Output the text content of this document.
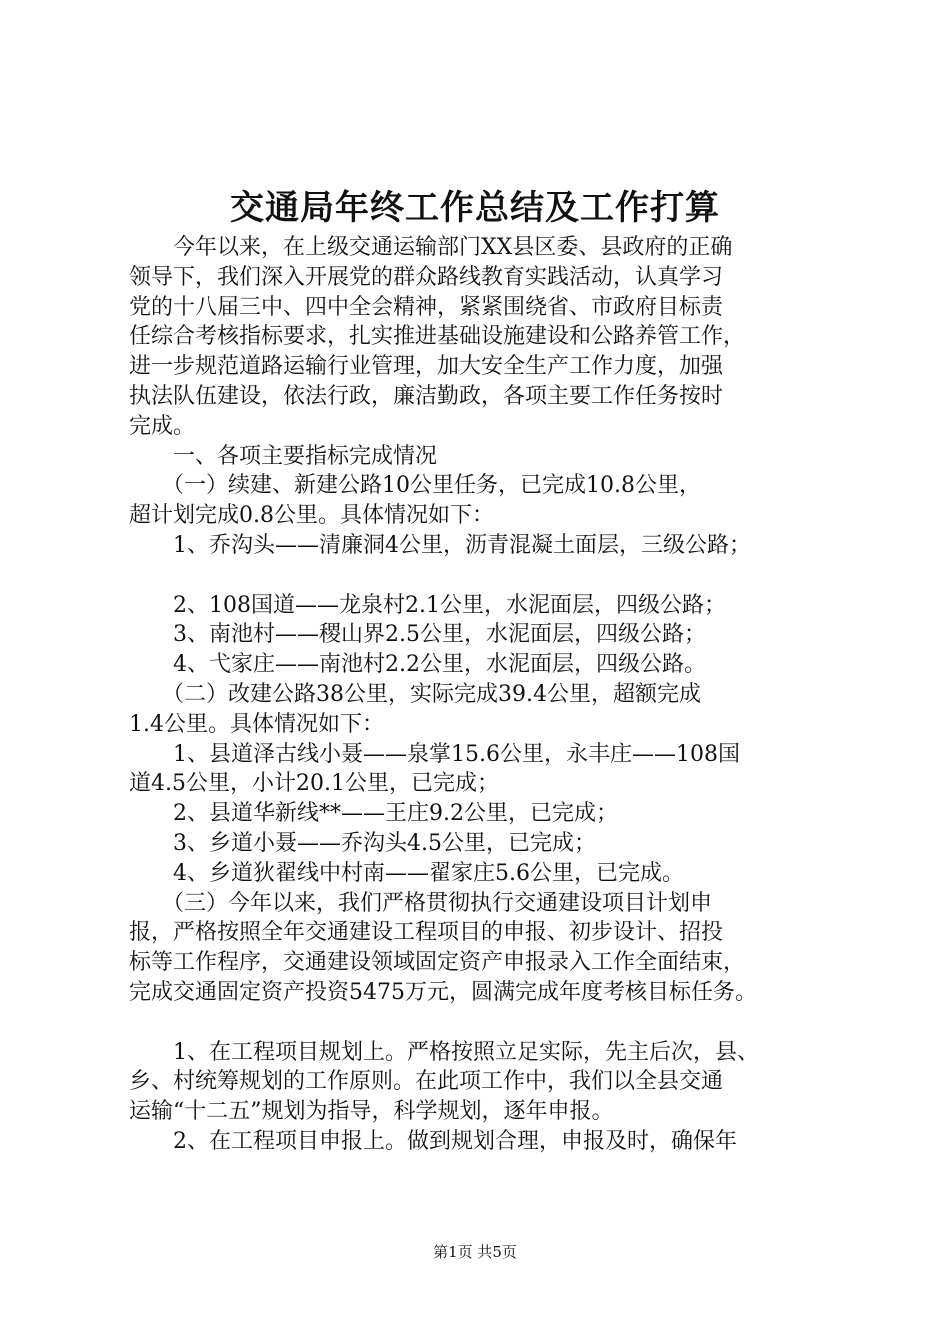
交通局年终工作总结及工作打算

　　今年以来，在上级交通运输部门XX县区委、县政府的正确

领导下，我们深入开展党的群众路线教育实践活动，认真学习

党的十八届三中、四中全会精神，紧紧围绕省、市政府目标责

任综合考核指标要求，扎实推进基础设施建设和公路养管工作，

进一步规范道路运输行业管理，加大安全生产工作力度，加强

执法队伍建设，依法行政，廉洁勤政，各项主要工作任务按时

完成。

　　一、各项主要指标完成情况

　　（一）续建、新建公路10公里任务，已完成10.8公里，

超计划完成0.8公里。具体情况如下：

　　1、乔沟头——清廉洞4公里，沥青混凝土面层，三级公路；

　　2、108国道——龙泉村2.1公里，水泥面层，四级公路；

　　3、南池村——稷山界2.5公里，水泥面层，四级公路；

　　4、弋家庄——南池村2.2公里，水泥面层，四级公路。

　　（二）改建公路38公里，实际完成39.4公里，超额完成

1.4公里。具体情况如下：

　　1、县道泽古线小聂——泉掌15.6公里，永丰庄——108国

道4.5公里，小计20.1公里，已完成；

　　2、县道华新线**——王庄9.2公里，已完成；

　　3、乡道小聂——乔沟头4.5公里，已完成；

　　4、乡道狄翟线中村南——翟家庄5.6公里，已完成。

　　（三）今年以来，我们严格贯彻执行交通建设项目计划申

报，严格按照全年交通建设工程项目的申报、初步设计、招投

标等工作程序，交通建设领域固定资产申报录入工作全面结束，

完成交通固定资产投资5475万元，圆满完成年度考核目标任务。

　　1、在工程项目规划上。严格按照立足实际，先主后次，县、

乡、村统筹规划的工作原则。在此项工作中，我们以全县交通

运输“十二五”规划为指导，科学规划，逐年申报。

　　2、在工程项目申报上。做到规划合理，申报及时，确保年

第1页 共5页
